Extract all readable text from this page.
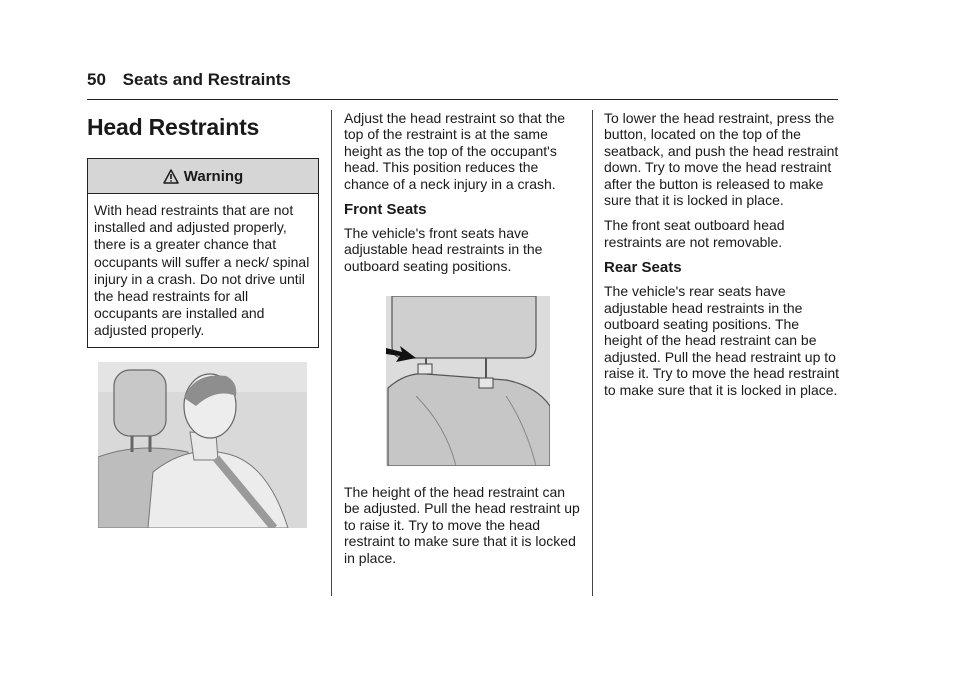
50 Seats and Restraints
Head Restraints
Warning
With head restraints that are not installed and adjusted properly, there is a greater chance that occupants will suffer a neck/ spinal injury in a crash. Do not drive until the head restraints for all occupants are installed and adjusted properly.

Adjust the head restraint so that the top of the restraint is at the same height as the top of the occupant's head. This position reduces the chance of a neck injury in a crash.

Front Seats

The vehicle's front seats have adjustable head restraints in the outboard seating positions.

The height of the head restraint can be adjusted. Pull the head restraint up to raise it. Try to move the head restraint to make sure that it is locked in place.

To lower the head restraint, press the button, located on the top of the seatback, and push the head restraint down. Try to move the head restraint after the button is released to make sure that it is locked in place.

The front seat outboard head restraints are not removable.

Rear Seats

The vehicle's rear seats have adjustable head restraints in the outboard seating positions. The height of the head restraint can be adjusted. Pull the head restraint up to raise it. Try to move the head restraint to make sure that it is locked in place.
